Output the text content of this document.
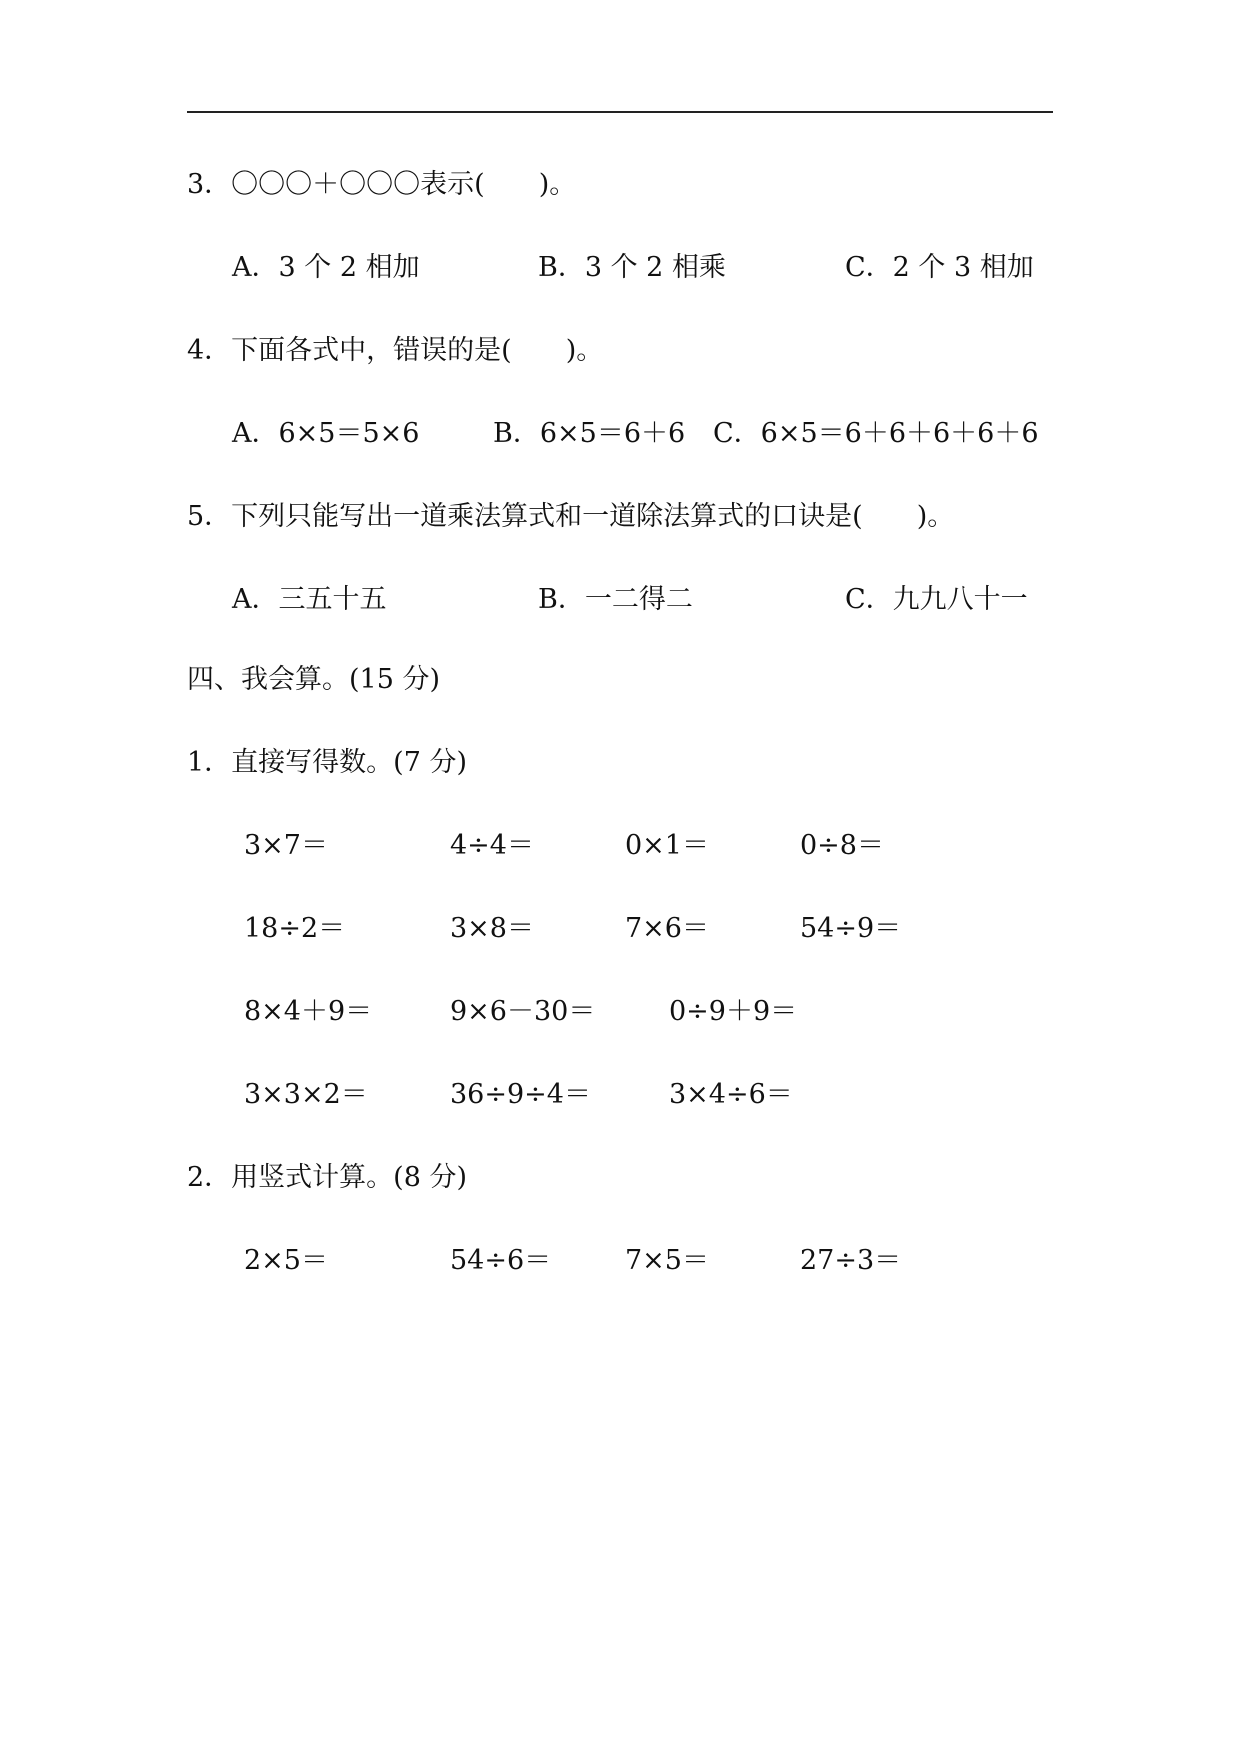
3．〇〇〇＋〇〇〇表示(　　)。
A．3 个 2 相加	B．3 个 2 相乘	C．2 个 3 相加
4．下面各式中，错误的是(　　)。
A．6×5＝5×6	B．6×5＝6＋6 C．6×5＝6＋6＋6＋6＋6
5．下列只能写出一道乘法算式和一道除法算式的口诀是(　　)。
A．三五十五	B．一二得二	C．九九八十一
四、我会算。(15 分)
1．直接写得数。(7 分)
3×7＝	4÷4＝	0×1＝	0÷8＝
18÷2＝	3×8＝	7×6＝	54÷9＝
8×4＋9＝	9×6－30＝	0÷9＋9＝
3×3×2＝	36÷9÷4＝	3×4÷6＝
2．用竖式计算。(8 分)
2×5＝	54÷6＝	7×5＝	27÷3＝
